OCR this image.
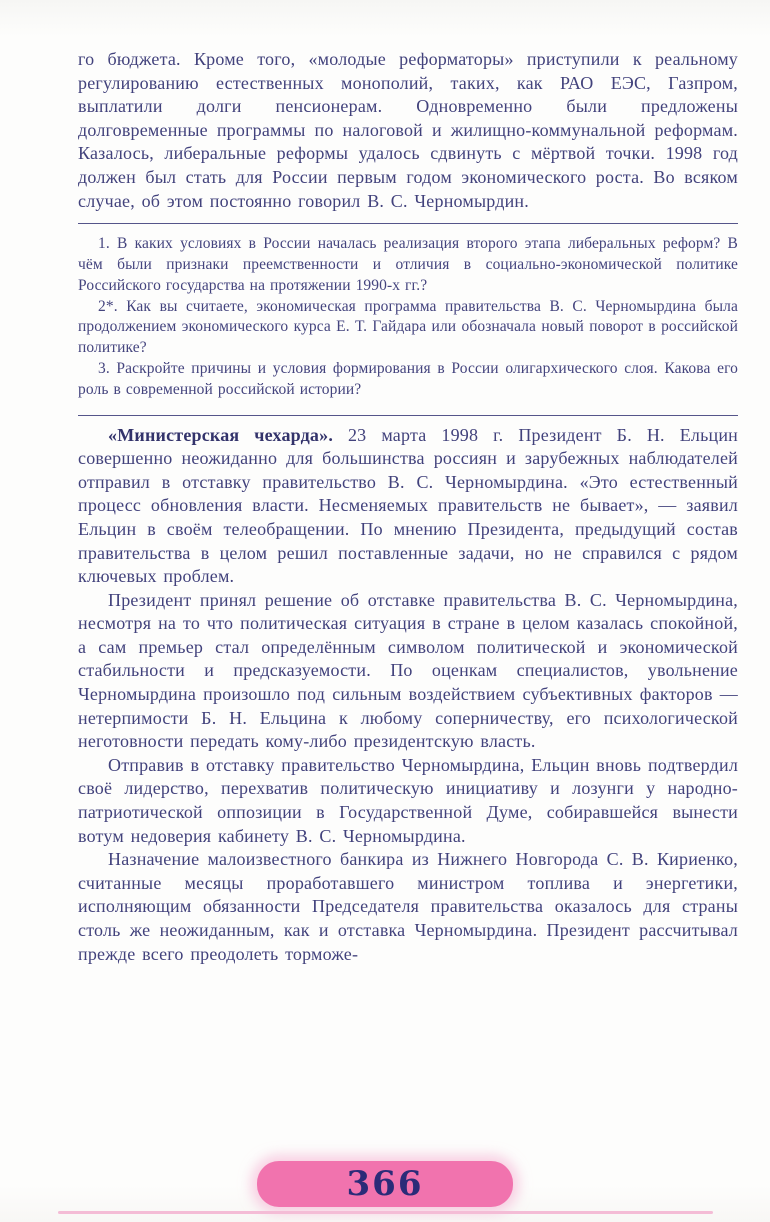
го бюджета. Кроме того, «молодые реформаторы» приступили к реальному регулированию естественных монополий, таких, как РАО ЕЭС, Газпром, выплатили долги пенсионерам. Одновременно были предложены долговременные программы по налоговой и жилищно-коммунальной реформам. Казалось, либеральные реформы удалось сдвинуть с мёртвой точки. 1998 год должен был стать для России первым годом экономического роста. Во всяком случае, об этом постоянно говорил В. С. Черномырдин.

1. В каких условиях в России началась реализация второго этапа либеральных реформ? В чём были признаки преемственности и отличия в социально-экономической политике Российского государства на протяжении 1990-х гг.?

2*. Как вы считаете, экономическая программа правительства В. С. Черномырдина была продолжением экономического курса Е. Т. Гайдара или обозначала новый поворот в российской политике?

3. Раскройте причины и условия формирования в России олигархического слоя. Какова его роль в современной российской истории?

«Министерская чехарда». 23 марта 1998 г. Президент Б. Н. Ельцин совершенно неожиданно для большинства россиян и зарубежных наблюдателей отправил в отставку правительство В. С. Черномырдина. «Это естественный процесс обновления власти. Несменяемых правительств не бывает», — заявил Ельцин в своём телеобращении. По мнению Президента, предыдущий состав правительства в целом решил поставленные задачи, но не справился с рядом ключевых проблем.

Президент принял решение об отставке правительства В. С. Черномырдина, несмотря на то что политическая ситуация в стране в целом казалась спокойной, а сам премьер стал определённым символом политической и экономической стабильности и предсказуемости. По оценкам специалистов, увольнение Черномырдина произошло под сильным воздействием субъективных факторов — нетерпимости Б. Н. Ельцина к любому соперничеству, его психологической неготовности передать кому-либо президентскую власть.

Отправив в отставку правительство Черномырдина, Ельцин вновь подтвердил своё лидерство, перехватив политическую инициативу и лозунги у народно-патриотической оппозиции в Государственной Думе, собиравшейся вынести вотум недоверия кабинету В. С. Черномырдина.

Назначение малоизвестного банкира из Нижнего Новгорода С. В. Кириенко, считанные месяцы проработавшего министром топлива и энергетики, исполняющим обязанности Председателя правительства оказалось для страны столь же неожиданным, как и отставка Черномырдина. Президент рассчитывал прежде всего преодолеть торможе-

366
